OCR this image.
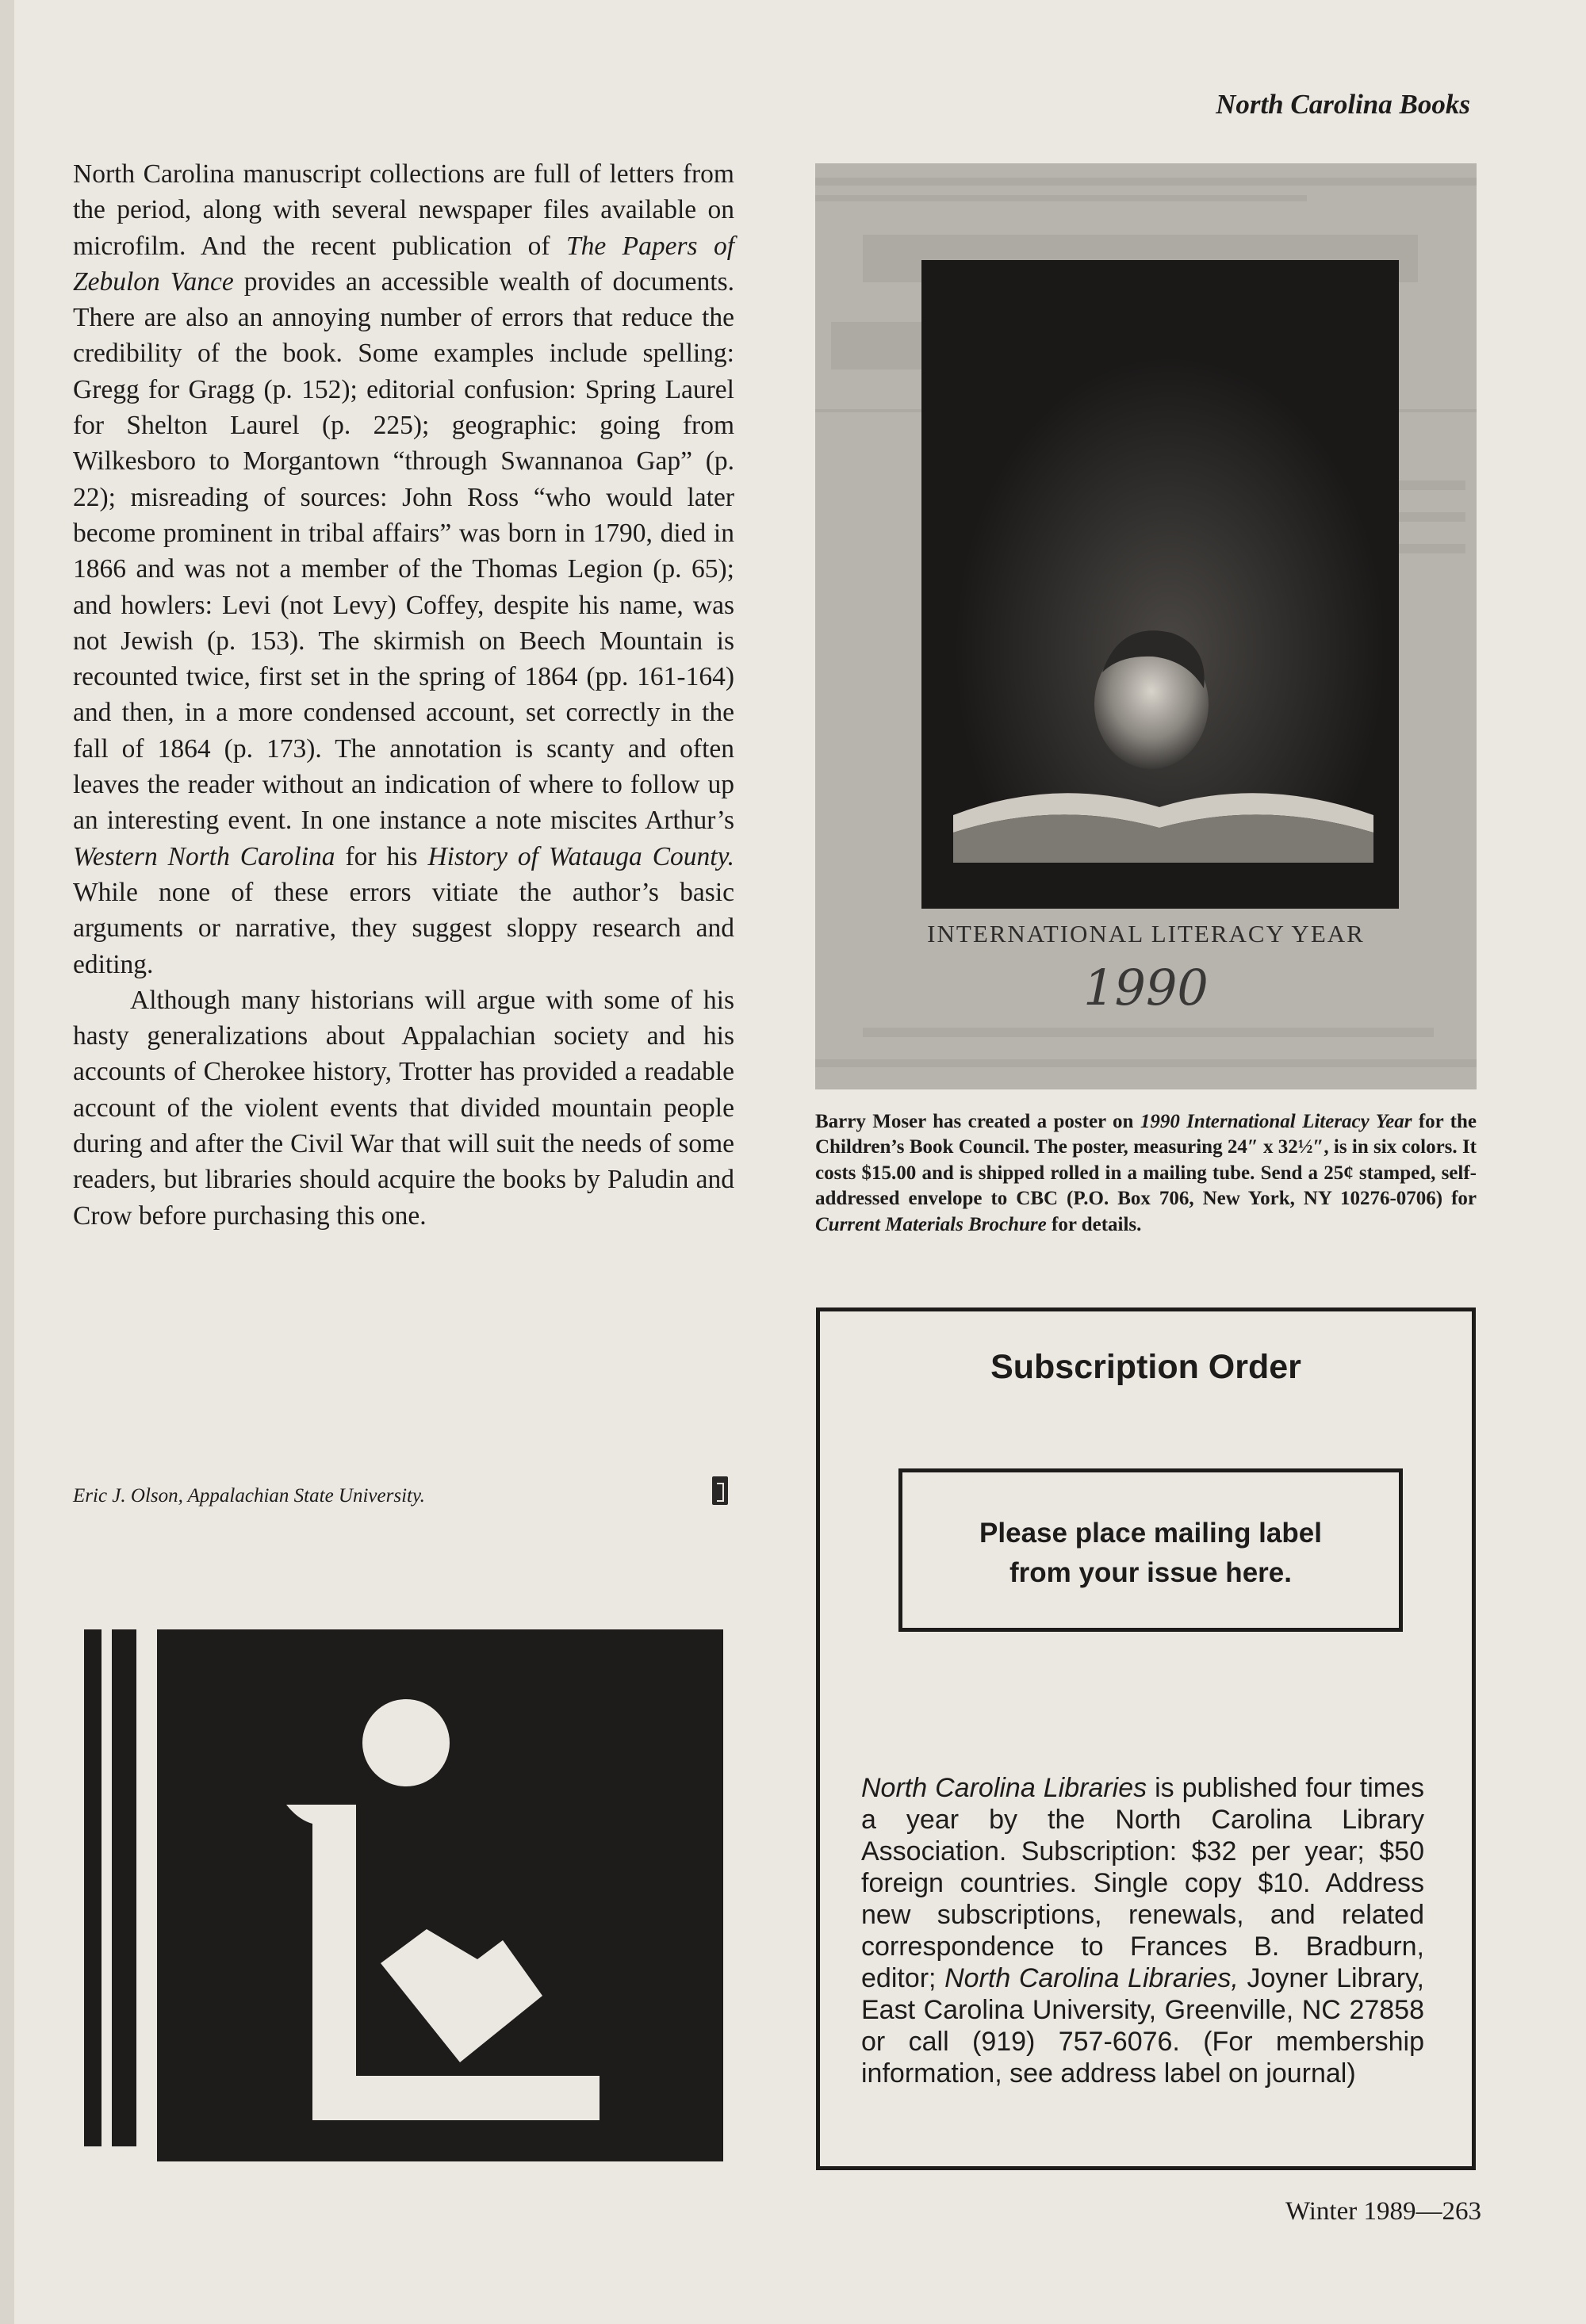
North Carolina Books

North Carolina manuscript collections are full of letters from the period, along with several newspaper files available on microfilm. And the recent publication of The Papers of Zebulon Vance provides an accessible wealth of documents. There are also an annoying number of errors that reduce the credibility of the book. Some examples include spelling: Gregg for Gragg (p. 152); editorial confusion: Spring Laurel for Shelton Laurel (p. 225); geographic: going from Wilkesboro to Morgantown “through Swannanoa Gap” (p. 22); misreading of sources: John Ross “who would later become prominent in tribal affairs” was born in 1790, died in 1866 and was not a member of the Thomas Legion (p. 65); and howlers: Levi (not Levy) Coffey, despite his name, was not Jewish (p. 153). The skirmish on Beech Mountain is recounted twice, first set in the spring of 1864 (pp. 161-164) and then, in a more condensed account, set correctly in the fall of 1864 (p. 173). The annotation is scanty and often leaves the reader without an indication of where to follow up an interesting event. In one instance a note miscites Arthur’s Western North Carolina for his History of Watauga County. While none of these errors vitiate the author’s basic arguments or narrative, they suggest sloppy research and editing.

Although many historians will argue with some of his hasty generalizations about Appalachian society and his accounts of Cherokee history, Trotter has provided a readable account of the violent events that divided mountain people during and after the Civil War that will suit the needs of some readers, but libraries should acquire the books by Paludin and Crow before purchasing this one.

Eric J. Olson, Appalachian State University.
INTERNATIONAL LITERACY YEAR
1990

Barry Moser has created a poster on 1990 International Literacy Year for the Children’s Book Council. The poster, measuring 24″ x 32½″, is in six colors. It costs $15.00 and is shipped rolled in a mailing tube. Send a 25¢ stamped, self-addressed envelope to CBC (P.O. Box 706, New York, NY 10276-0706) for Current Materials Brochure for details.

Subscription Order
Please place mailing label
from your issue here.

North Carolina Libraries is published four times a year by the North Carolina Library Association. Subscription: $32 per year; $50 foreign countries. Single copy $10. Address new subscriptions, renewals, and related correspondence to Frances B. Bradburn, editor; North Carolina Libraries, Joyner Library, East Carolina University, Greenville, NC 27858 or call (919) 757-6076. (For membership information, see address label on journal)

Winter 1989—263
